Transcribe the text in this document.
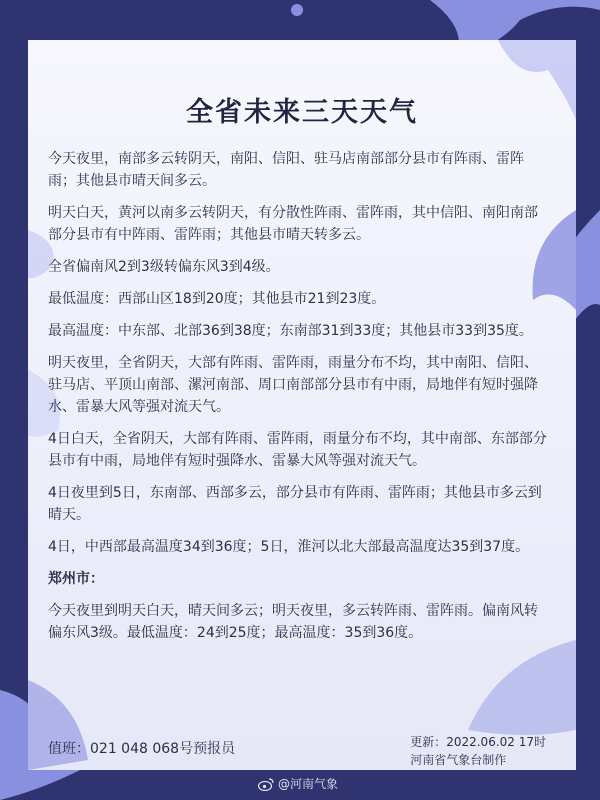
全省未来三天天气

今天夜里，南部多云转阴天，南阳、信阳、驻马店南部部分县市有阵雨、雷阵雨；其他县市晴天间多云。

明天白天，黄河以南多云转阴天，有分散性阵雨、雷阵雨，其中信阳、南阳南部部分县市有中阵雨、雷阵雨；其他县市晴天转多云。

全省偏南风2到3级转偏东风3到4级。

最低温度：西部山区18到20度；其他县市21到23度。

最高温度：中东部、北部36到38度；东南部31到33度；其他县市33到35度。

明天夜里，全省阴天，大部有阵雨、雷阵雨，雨量分布不均，其中南阳、信阳、驻马店、平顶山南部、漯河南部、周口南部部分县市有中雨，局地伴有短时强降水、雷暴大风等强对流天气。

4日白天，全省阴天，大部有阵雨、雷阵雨，雨量分布不均，其中南部、东部部分县市有中雨，局地伴有短时强降水、雷暴大风等强对流天气。

4日夜里到5日，东南部、西部多云，部分县市有阵雨、雷阵雨；其他县市多云到晴天。

4日，中西部最高温度34到36度；5日，淮河以北大部最高温度达35到37度。

郑州市：

今天夜里到明天白天，晴天间多云；明天夜里，多云转阵雨、雷阵雨。偏南风转偏东风3级。最低温度：24到25度；最高温度：35到36度。

值班：021 048 068号预报员	更新：2022.06.02 17时
河南省气象台制作
@河南气象
